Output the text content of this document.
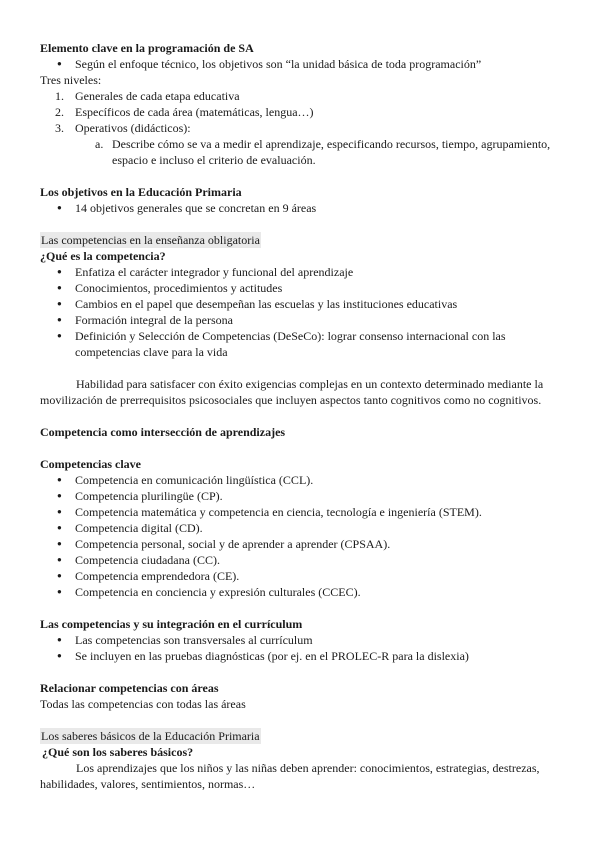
Elemento clave en la programación de SA
● Según el enfoque técnico, los objetivos son “la unidad básica de toda programación”
Tres niveles:
1. Generales de cada etapa educativa
2. Específicos de cada área (matemáticas, lengua…)
3. Operativos (didácticos):
a. Describe cómo se va a medir el aprendizaje, especificando recursos, tiempo, agrupamiento, espacio e incluso el criterio de evaluación.
Los objetivos en la Educación Primaria
● 14 objetivos generales que se concretan en 9 áreas
Las competencias en la enseñanza obligatoria
¿Qué es la competencia?
● Enfatiza el carácter integrador y funcional del aprendizaje
● Conocimientos, procedimientos y actitudes
● Cambios en el papel que desempeñan las escuelas y las instituciones educativas
● Formación integral de la persona
● Definición y Selección de Competencias (DeSeCo): lograr consenso internacional con las competencias clave para la vida
Habilidad para satisfacer con éxito exigencias complejas en un contexto determinado mediante la movilización de prerrequisitos psicosociales que incluyen aspectos tanto cognitivos como no cognitivos.
Competencia como intersección de aprendizajes
Competencias clave
● Competencia en comunicación lingüística (CCL).
● Competencia plurilingüe (CP).
● Competencia matemática y competencia en ciencia, tecnología e ingeniería (STEM).
● Competencia digital (CD).
● Competencia personal, social y de aprender a aprender (CPSAA).
● Competencia ciudadana (CC).
● Competencia emprendedora (CE).
● Competencia en conciencia y expresión culturales (CCEC).
Las competencias y su integración en el currículum
● Las competencias son transversales al currículum
● Se incluyen en las pruebas diagnósticas (por ej. en el PROLEC-R para la dislexia)
Relacionar competencias con áreas
Todas las competencias con todas las áreas
Los saberes básicos de la Educación Primaria
¿Qué son los saberes básicos?
Los aprendizajes que los niños y las niñas deben aprender: conocimientos, estrategias, destrezas, habilidades, valores, sentimientos, normas…
